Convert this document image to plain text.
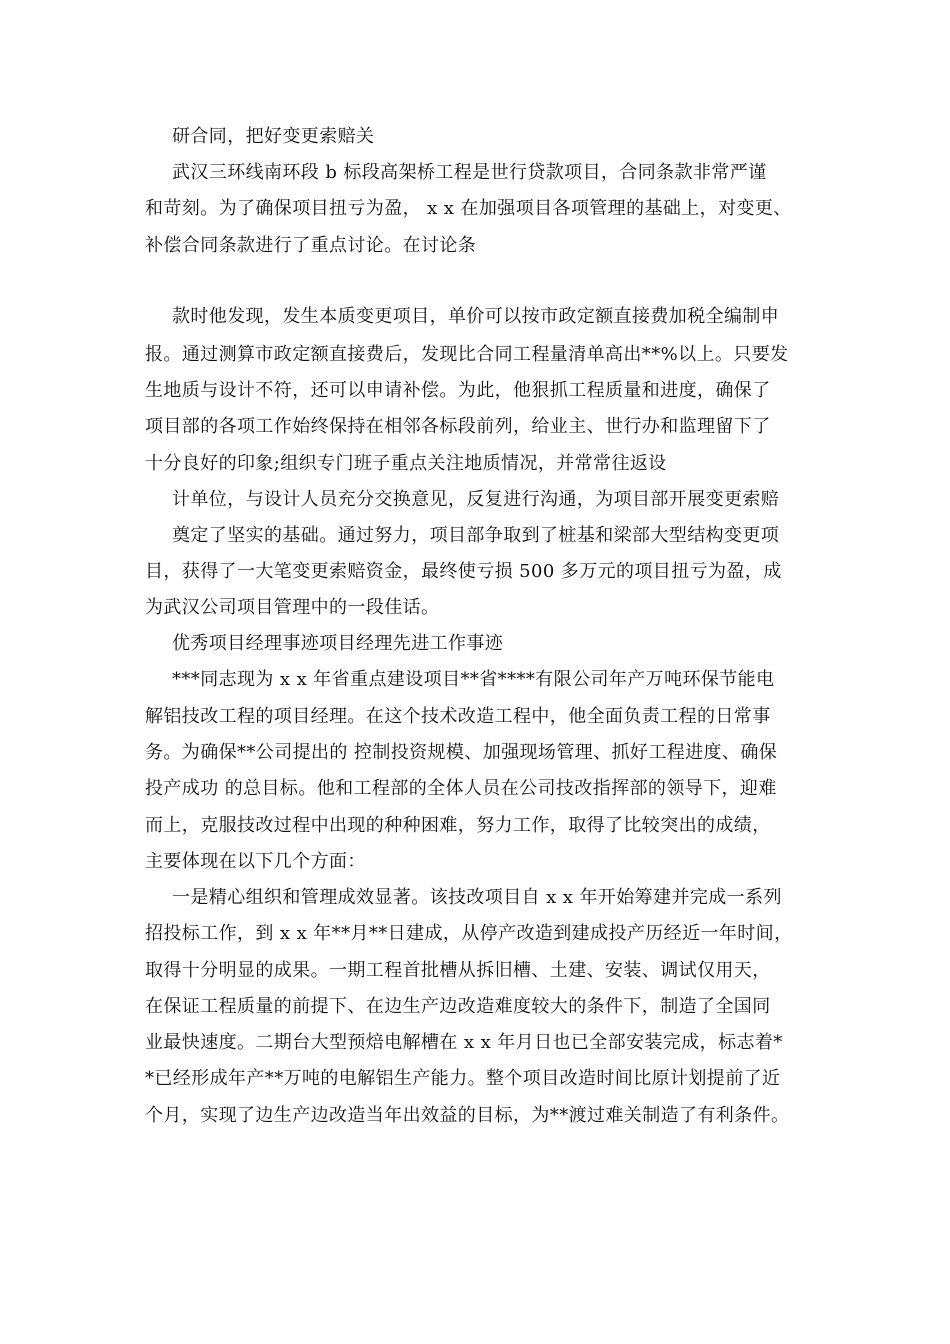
研合同，把好变更索赔关
武汉三环线南环段 b 标段高架桥工程是世行贷款项目，合同条款非常严谨
和苛刻。为了确保项目扭亏为盈， x x 在加强项目各项管理的基础上，对变更、
补偿合同条款进行了重点讨论。在讨论条
款时他发现，发生本质变更项目，单价可以按市政定额直接费加税全编制申
报。通过测算市政定额直接费后，发现比合同工程量清单高出**%以上。只要发
生地质与设计不符，还可以申请补偿。为此，他狠抓工程质量和进度，确保了
项目部的各项工作始终保持在相邻各标段前列，给业主、世行办和监理留下了
十分良好的印象;组织专门班子重点关注地质情况，并常常往返设
计单位，与设计人员充分交换意见，反复进行沟通，为项目部开展变更索赔
奠定了坚实的基础。通过努力，项目部争取到了桩基和梁部大型结构变更项
目，获得了一大笔变更索赔资金，最终使亏损 500 多万元的项目扭亏为盈，成
为武汉公司项目管理中的一段佳话。
优秀项目经理事迹项目经理先进工作事迹
***同志现为 x x 年省重点建设项目**省****有限公司年产万吨环保节能电
解铝技改工程的项目经理。在这个技术改造工程中，他全面负责工程的日常事
务。为确保**公司提出的 控制投资规模、加强现场管理、抓好工程进度、确保
投产成功 的总目标。他和工程部的全体人员在公司技改指挥部的领导下，迎难
而上，克服技改过程中出现的种种困难，努力工作，取得了比较突出的成绩，
主要体现在以下几个方面：
一是精心组织和管理成效显著。该技改项目自 x x 年开始筹建并完成一系列
招投标工作，到 x x 年**月**日建成，从停产改造到建成投产历经近一年时间，
取得十分明显的成果。一期工程首批槽从拆旧槽、土建、安装、调试仅用天，
在保证工程质量的前提下、在边生产边改造难度较大的条件下，制造了全国同
业最快速度。二期台大型预焙电解槽在 x x 年月日也已全部安装完成，标志着*
*已经形成年产**万吨的电解铝生产能力。整个项目改造时间比原计划提前了近
个月，实现了边生产边改造当年出效益的目标，为**渡过难关制造了有利条件。
